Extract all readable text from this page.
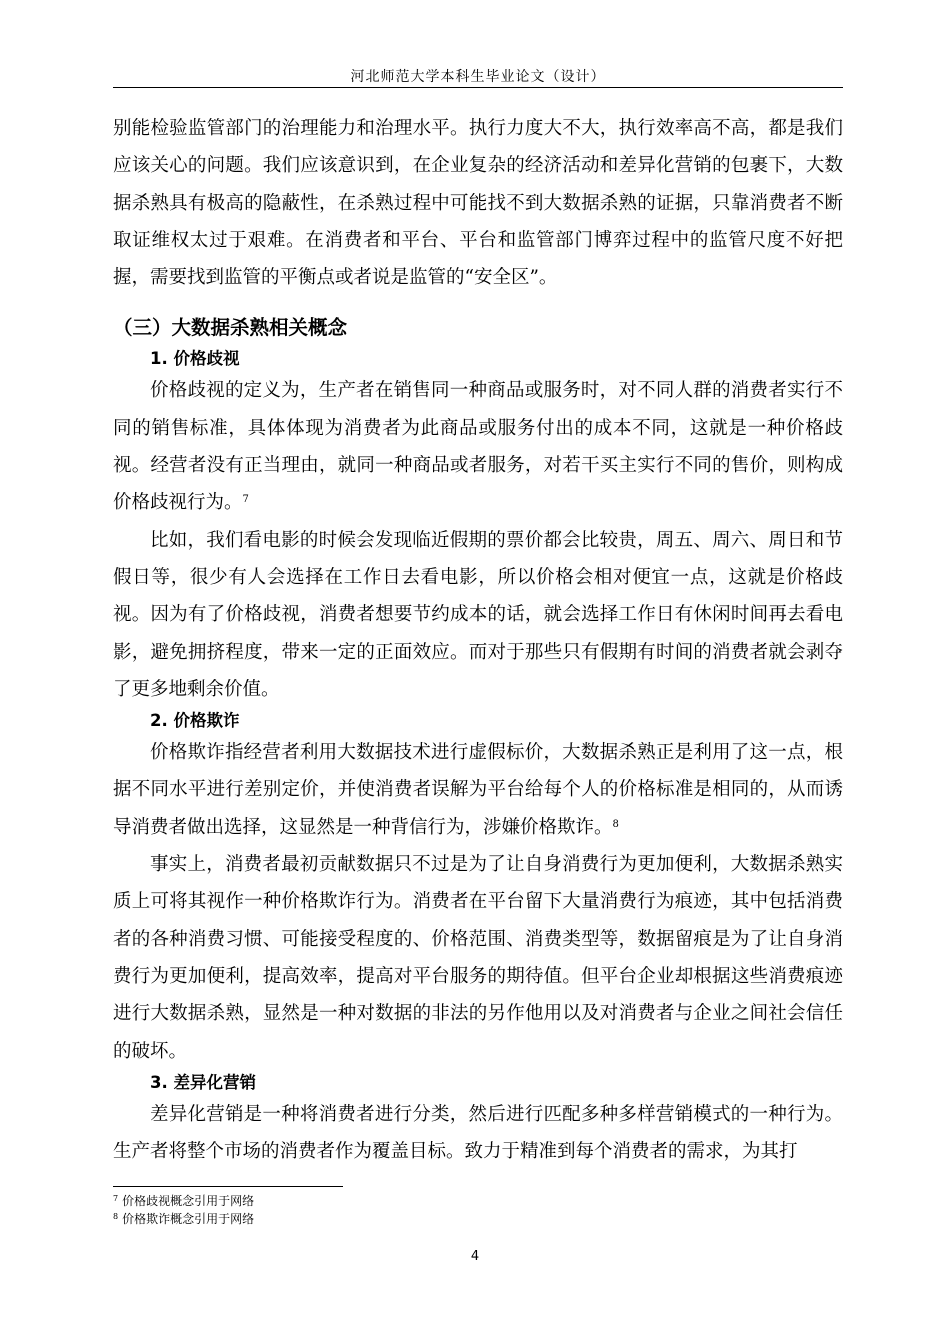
河北师范大学本科生毕业论文（设计）

别能检验监管部门的治理能力和治理水平。执行力度大不大，执行效率高不高，都是我们应该关心的问题。我们应该意识到，在企业复杂的经济活动和差异化营销的包裹下，大数据杀熟具有极高的隐蔽性，在杀熟过程中可能找不到大数据杀熟的证据，只靠消费者不断取证维权太过于艰难。在消费者和平台、平台和监管部门博弈过程中的监管尺度不好把握，需要找到监管的平衡点或者说是监管的“安全区”。

（三）大数据杀熟相关概念
1. 价格歧视

价格歧视的定义为，生产者在销售同一种商品或服务时，对不同人群的消费者实行不同的销售标准，具体体现为消费者为此商品或服务付出的成本不同，这就是一种价格歧视。经营者没有正当理由，就同一种商品或者服务，对若干买主实行不同的售价，则构成价格歧视行为。$^7$

比如，我们看电影的时候会发现临近假期的票价都会比较贵，周五、周六、周日和节假日等，很少有人会选择在工作日去看电影，所以价格会相对便宜一点，这就是价格歧视。因为有了价格歧视，消费者想要节约成本的话，就会选择工作日有休闲时间再去看电影，避免拥挤程度，带来一定的正面效应。而对于那些只有假期有时间的消费者就会剥夺了更多地剩余价值。

2. 价格欺诈

价格欺诈指经营者利用大数据技术进行虚假标价，大数据杀熟正是利用了这一点，根据不同水平进行差别定价，并使消费者误解为平台给每个人的价格标准是相同的，从而诱导消费者做出选择，这显然是一种背信行为，涉嫌价格欺诈。$^8$

事实上，消费者最初贡献数据只不过是为了让自身消费行为更加便利，大数据杀熟实质上可将其视作一种价格欺诈行为。消费者在平台留下大量消费行为痕迹，其中包括消费者的各种消费习惯、可能接受程度的、价格范围、消费类型等，数据留痕是为了让自身消费行为更加便利，提高效率，提高对平台服务的期待值。但平台企业却根据这些消费痕迹进行大数据杀熟，显然是一种对数据的非法的另作他用以及对消费者与企业之间社会信任的破坏。

3. 差异化营销

差异化营销是一种将消费者进行分类，然后进行匹配多种多样营销模式的一种行为。生产者将整个市场的消费者作为覆盖目标。致力于精准到每个消费者的需求，为其打

$^7$ 价格歧视概念引用于网络
$^8$ 价格欺诈概念引用于网络
4
